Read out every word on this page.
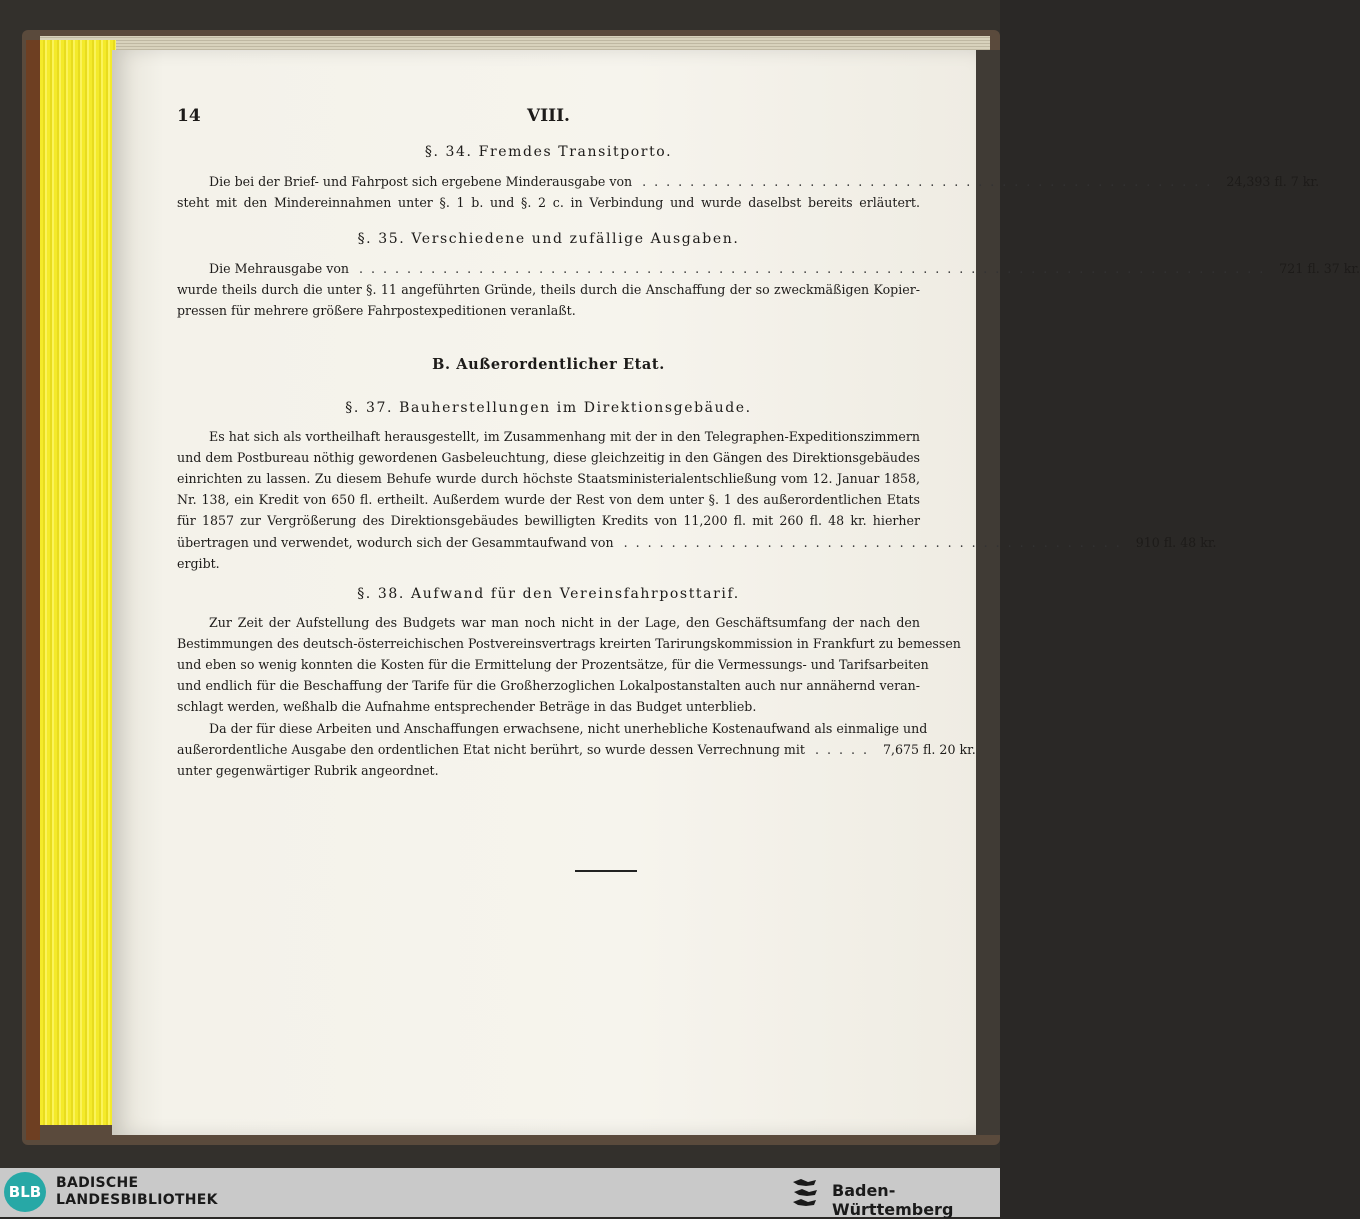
14	VIII.
§. 34. Fremdes Transitporto.
Die bei der Brief- und Fahrpost sich ergebene Minderausgabe von ................................................ 24,393 fl. 7 kr.
steht mit den Mindereinnahmen unter §. 1 b. und §. 2 c. in Verbindung und wurde daselbst bereits erläutert.
§. 35. Verschiedene und zufällige Ausgaben.
Die Mehrausgabe von ............................................................................ 721 fl. 37 kr.
wurde theils durch die unter §. 11 angeführten Gründe, theils durch die Anschaffung der so zweckmäßigen Kopier-
pressen für mehrere größere Fahrpostexpeditionen veranlaßt.
B. Außerordentlicher Etat.
§. 37. Bauherstellungen im Direktionsgebäude.
Es hat sich als vortheilhaft herausgestellt, im Zusammenhang mit der in den Telegraphen-Expeditionszimmern
und dem Postbureau nöthig gewordenen Gasbeleuchtung, diese gleichzeitig in den Gängen des Direktionsgebäudes
einrichten zu lassen. Zu diesem Behufe wurde durch höchste Staatsministerialentschließung vom 12. Januar 1858,
Nr. 138, ein Kredit von 650 fl. ertheilt. Außerdem wurde der Rest von dem unter §. 1 des außerordentlichen Etats
für 1857 zur Vergrößerung des Direktionsgebäudes bewilligten Kredits von 11,200 fl. mit 260 fl. 48 kr. hierher
übertragen und verwendet, wodurch sich der Gesammtaufwand von .......................................... 910 fl. 48 kr.
ergibt.
§. 38. Aufwand für den Vereinsfahrposttarif.
Zur Zeit der Aufstellung des Budgets war man noch nicht in der Lage, den Geschäftsumfang der nach den
Bestimmungen des deutsch-österreichischen Postvereinsvertrags kreirten Tarirungskommission in Frankfurt zu bemessen
und eben so wenig konnten die Kosten für die Ermittelung der Prozentsätze, für die Vermessungs- und Tarifsarbeiten
und endlich für die Beschaffung der Tarife für die Großherzoglichen Lokalpostanstalten auch nur annähernd veran-
schlagt werden, weßhalb die Aufnahme entsprechender Beträge in das Budget unterblieb.
Da der für diese Arbeiten und Anschaffungen erwachsene, nicht unerhebliche Kostenaufwand als einmalige und
außerordentliche Ausgabe den ordentlichen Etat nicht berührt, so wurde dessen Verrechnung mit ..... 7,675 fl. 20 kr.
unter gegenwärtiger Rubrik angeordnet.
BLB	BADISCHE
LANDESBIBLIOTHEK	Baden-Württemberg
